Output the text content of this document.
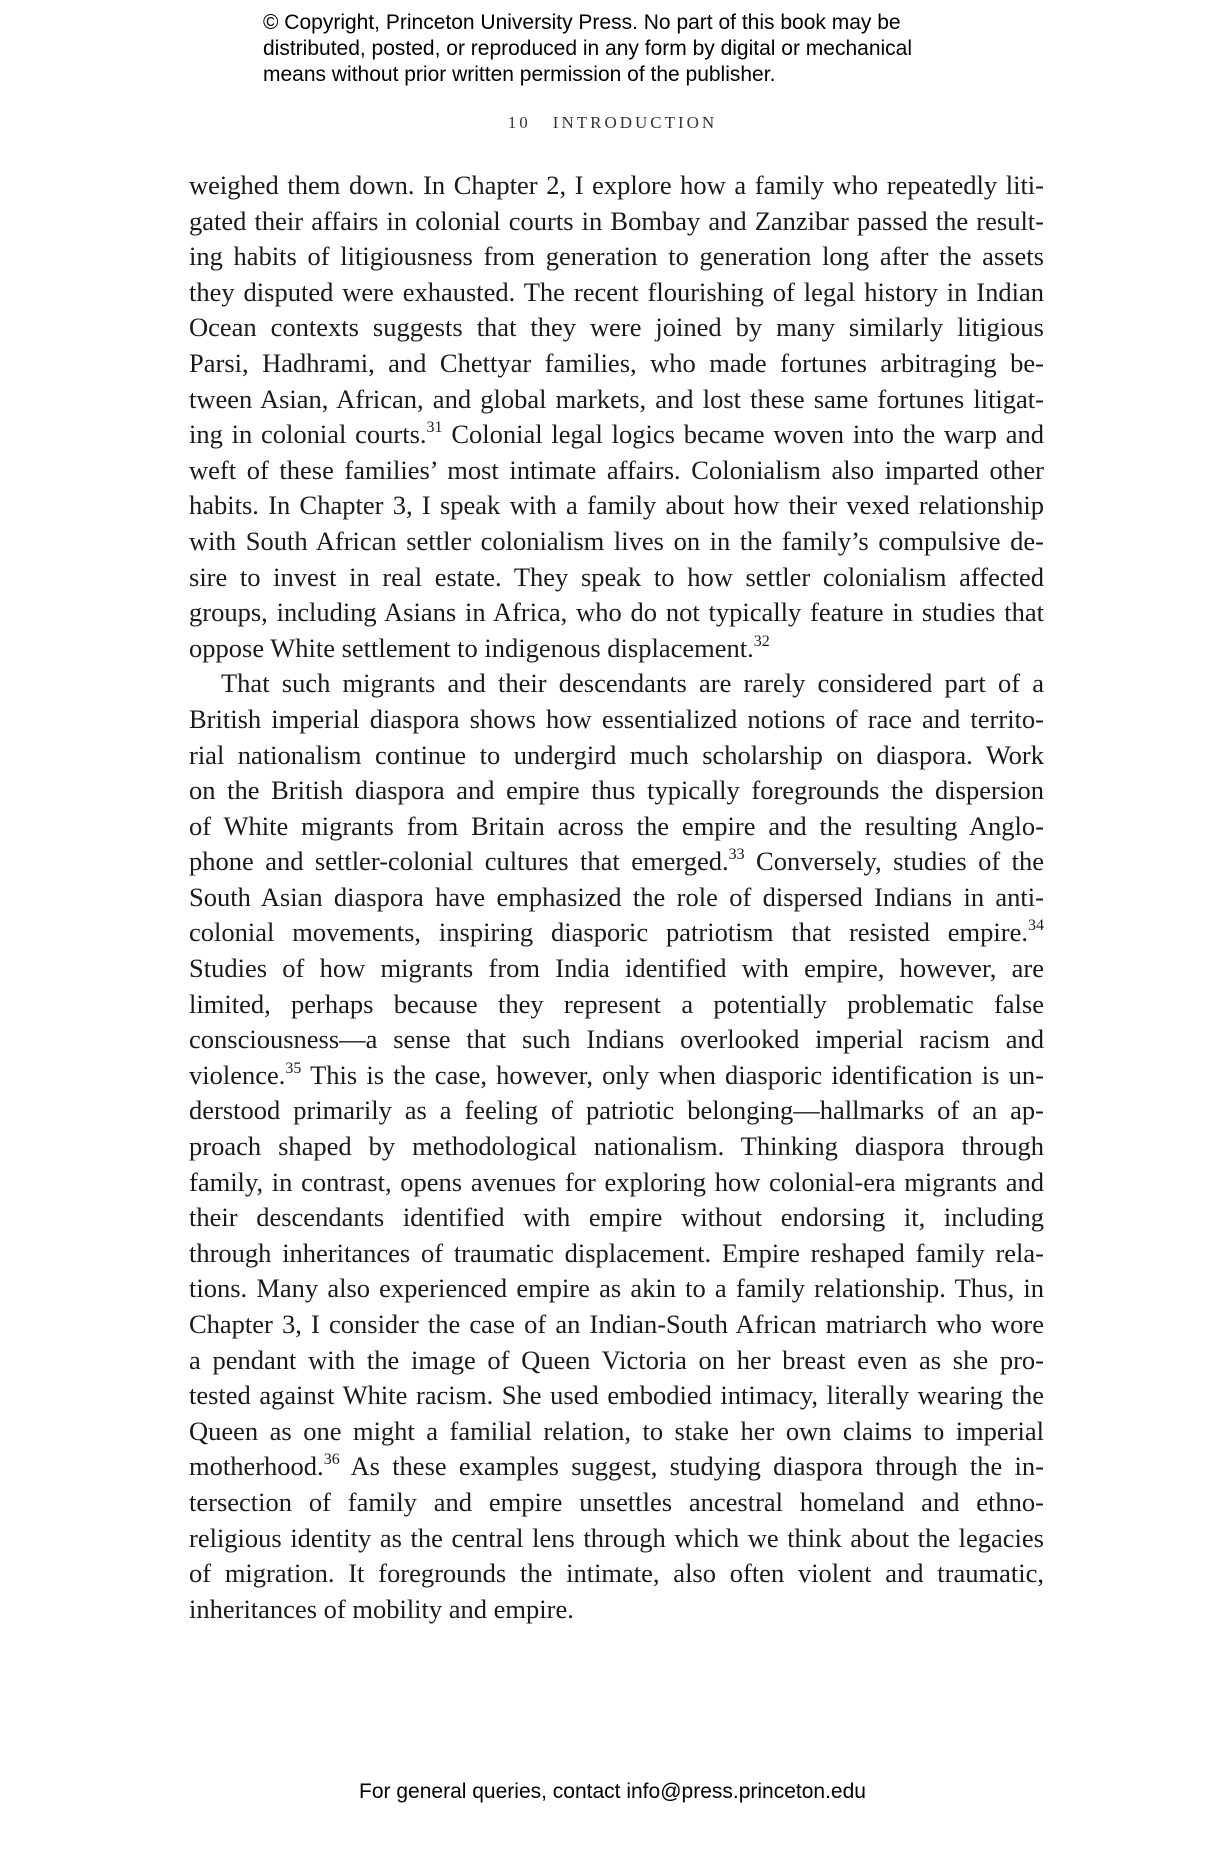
© Copyright, Princeton University Press. No part of this book may be
distributed, posted, or reproduced in any form by digital or mechanical
means without prior written permission of the publisher.
10 INTRODUCTION

weighed them down. In Chapter 2, I explore how a family who repeatedly liti-
gated their affairs in colonial courts in Bombay and Zanzibar passed the result-
ing habits of litigiousness from generation to generation long after the assets
they disputed were exhausted. The recent flourishing of legal history in Indian
Ocean contexts suggests that they were joined by many similarly litigious
Parsi, Hadhrami, and Chettyar families, who made fortunes arbitraging be-
tween Asian, African, and global markets, and lost these same fortunes litigat-
ing in colonial courts.$^{31}$ Colonial legal logics became woven into the warp and
weft of these families’ most intimate affairs. Colonialism also imparted other
habits. In Chapter 3, I speak with a family about how their vexed relationship
with South African settler colonialism lives on in the family’s compulsive de-
sire to invest in real estate. They speak to how settler colonialism affected
groups, including Asians in Africa, who do not typically feature in studies that
oppose White settlement to indigenous displacement.$^{32}$

That such migrants and their descendants are rarely considered part of a
British imperial diaspora shows how essentialized notions of race and territo-
rial nationalism continue to undergird much scholarship on diaspora. Work
on the British diaspora and empire thus typically foregrounds the dispersion
of White migrants from Britain across the empire and the resulting Anglo-
phone and settler-colonial cultures that emerged.$^{33}$ Conversely, studies of the
South Asian diaspora have emphasized the role of dispersed Indians in anti-
colonial movements, inspiring diasporic patriotism that resisted empire.$^{34}$
Studies of how migrants from India identified with empire, however, are
limited, perhaps because they represent a potentially problematic false
consciousness—a sense that such Indians overlooked imperial racism and
violence.$^{35}$ This is the case, however, only when diasporic identification is un-
derstood primarily as a feeling of patriotic belonging—hallmarks of an ap-
proach shaped by methodological nationalism. Thinking diaspora through
family, in contrast, opens avenues for exploring how colonial-era migrants and
their descendants identified with empire without endorsing it, including
through inheritances of traumatic displacement. Empire reshaped family rela-
tions. Many also experienced empire as akin to a family relationship. Thus, in
Chapter 3, I consider the case of an Indian-South African matriarch who wore
a pendant with the image of Queen Victoria on her breast even as she pro-
tested against White racism. She used embodied intimacy, literally wearing the
Queen as one might a familial relation, to stake her own claims to imperial
motherhood.$^{36}$ As these examples suggest, studying diaspora through the in-
tersection of family and empire unsettles ancestral homeland and ethno-
religious identity as the central lens through which we think about the legacies
of migration. It foregrounds the intimate, also often violent and traumatic,
inheritances of mobility and empire.

For general queries, contact info@press.princeton.edu
